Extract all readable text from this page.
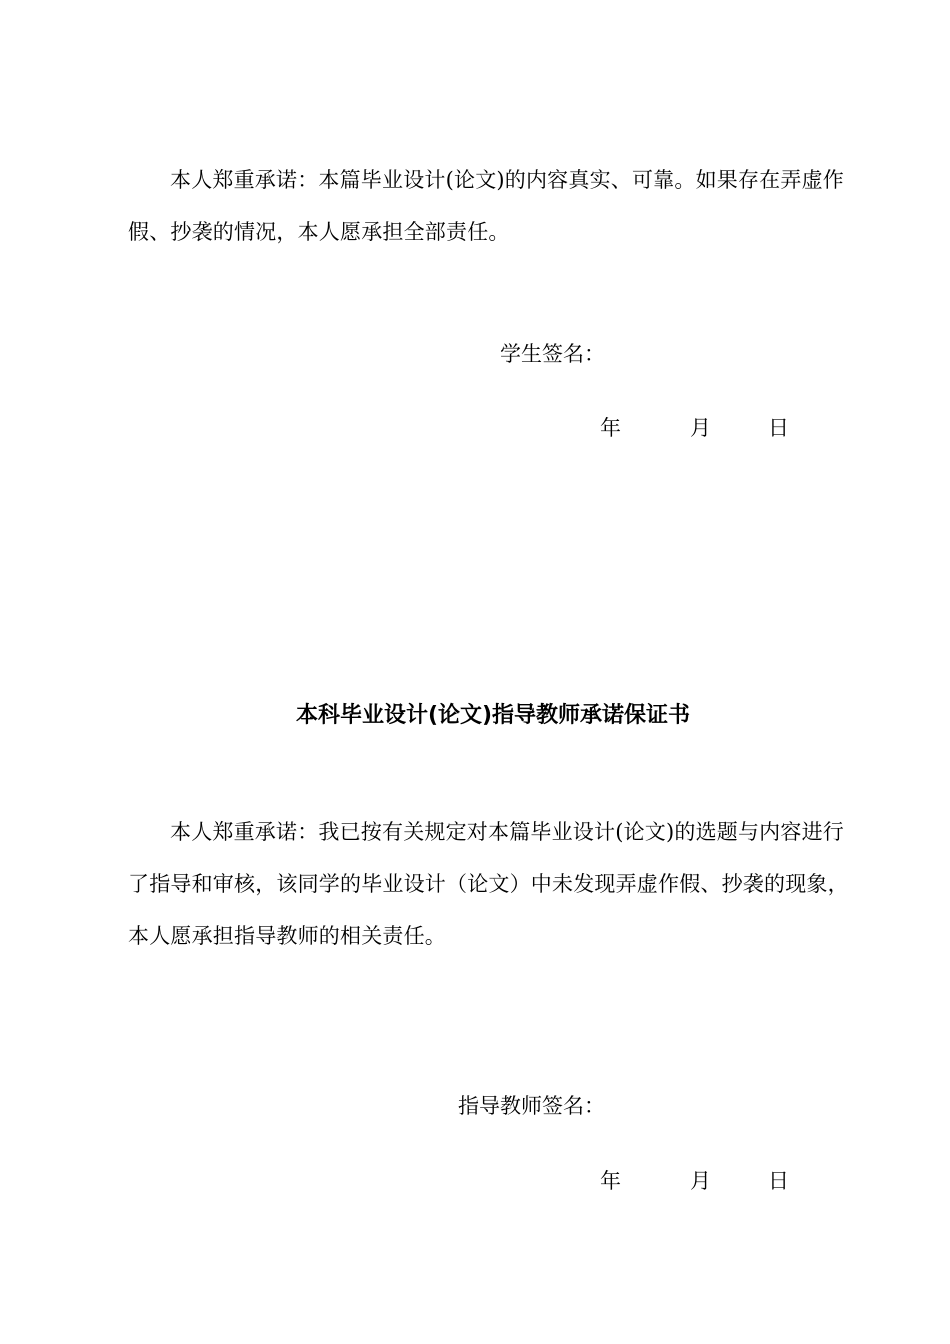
本人郑重承诺：本篇毕业设计(论文)的内容真实、可靠。如果存在弄虚作假、抄袭的情况，本人愿承担全部责任。

学生签名：
年	月	日
本科毕业设计(论文)指导教师承诺保证书

本人郑重承诺：我已按有关规定对本篇毕业设计(论文)的选题与内容进行了指导和审核，该同学的毕业设计（论文）中未发现弄虚作假、抄袭的现象，本人愿承担指导教师的相关责任。

指导教师签名：
年	月	日
